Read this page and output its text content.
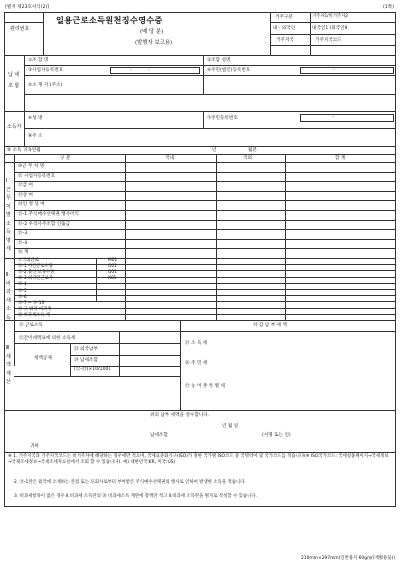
[별지 제23호서식(2)]	(1쪽)
관리번호
일용근로소득원천징수영수증
(배 당 분)
(발행자 보고용)
거주구분	거주자1/비거주자2
내 · 외국인	내국인1 /외국인9
거주지국	거주지국코드
납 세 조 합
①조 합 명	②조합 성명
③사업자등록번호	④주민(법인)등록번호
⑤소 재 지 (주소)
-	-	-
소득자
⑥성 명	⑦주민등록번호
⑧주 소
-
⑨ 소득 귀속연월	년	월분
구 분	국내	국외	합 계
Ⅰ 근무처별 소득명세
Ⅱ 비 과세 소 득
Ⅲ 세액계산
㉑ 근로소득
㉒간이세액표에 의한 소득세
세액공제
㉓ 외국납부
㉔ 납세조합
(㉒-㉓)×10/100)
차 감 납 부 세 액
㉕ 소 득 세
㉖ 주 민 세
㉗ 농 어 촌 특 별 세
위의 납부 세액을 영수합니다.
년 월 일
납세조합	(서명 또는 인)
귀하
※ 1. 거주지국과 거주지국코드는 비거주자에 해당하는 경우에만 적으며, 국제표준화기구(ISO)가 정한 국가별 ISO코드 중 국명약어 및 국가코드를 적습니다(※ ISO국가코드: 국세청홈페이지→국세정보→국제조세정보→국세조세자료실에서 조회 할 수 있습니다). 예) 대한민국:KR, 미국:US)
2. ⑮-1란은 외국에 소재하는 본점 또는 모회사로부터 부여받은 주식매수선택권의 행사로 인하여 발생한 소득을 적습니다.
3. 비과세항목이 많은 경우 Ⅱ.비과세 소득란의 ⑳ 비과세소득 계란에 총액만 적고 Ⅱ.비과세 소득란을 별지로 작성할 수 있습니다.
210mm×297mm(일반용지 60g/㎡(재활용품))
⑩근 무 처 명
⑪ 사업자등록번호
⑫급 여
⑬상 여
⑭인 정 상 여
⑮-1 주식매수선택권 행사이익
⑮-2 우리사주조합 인출금
⑮-3
⑮-4
⑯ 계
⑰국외근로	M01
⑱-1 야간근로수당	O01
⑱-2 출산·보육수당	Q01
⑱-3 외국인근로자	X01
⑱-4
⑱-5
⑱-6
⑱-7 ~ ⑱-19
⑲ 그 밖의 비과세
⑳ 비과세소득 계
